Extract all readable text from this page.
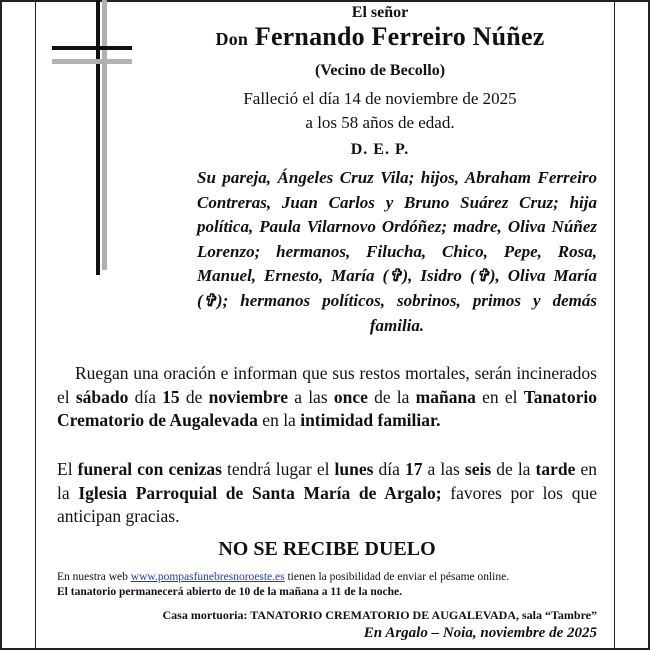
El señor
Don Fernando Ferreiro Núñez
(Vecino de Becollo)
Falleció el día 14 de noviembre de 2025
a los 58 años de edad.
D. E. P.
Su pareja, Ángeles Cruz Vila; hijos, Abraham Ferreiro Contreras, Juan Carlos y Bruno Suárez Cruz; hija política, Paula Vilarnovo Ordóñez; madre, Oliva Núñez Lorenzo; hermanos, Filucha, Chico, Pepe, Rosa, Manuel, Ernesto, María (✞), Isidro (✞), Oliva María (✞); hermanos políticos, sobrinos, primos y demás familia.
Ruegan una oración e informan que sus restos mortales, serán incinerados el sábado día 15 de noviembre a las once de la mañana en el Tanatorio Crematorio de Augalevada en la intimidad familiar.
El funeral con cenizas tendrá lugar el lunes día 17 a las seis de la tarde en la Iglesia Parroquial de Santa María de Argalo; favores por los que anticipan gracias.
NO SE RECIBE DUELO
En nuestra web www.pompasfunebresnoroeste.es tienen la posibilidad de enviar el pésame online.
El tanatorio permanecerá abierto de 10 de la mañana a 11 de la noche.
Casa mortuoria: TANATORIO CREMATORIO DE AUGALEVADA, sala “Tambre”
En Argalo – Noia, noviembre de 2025
